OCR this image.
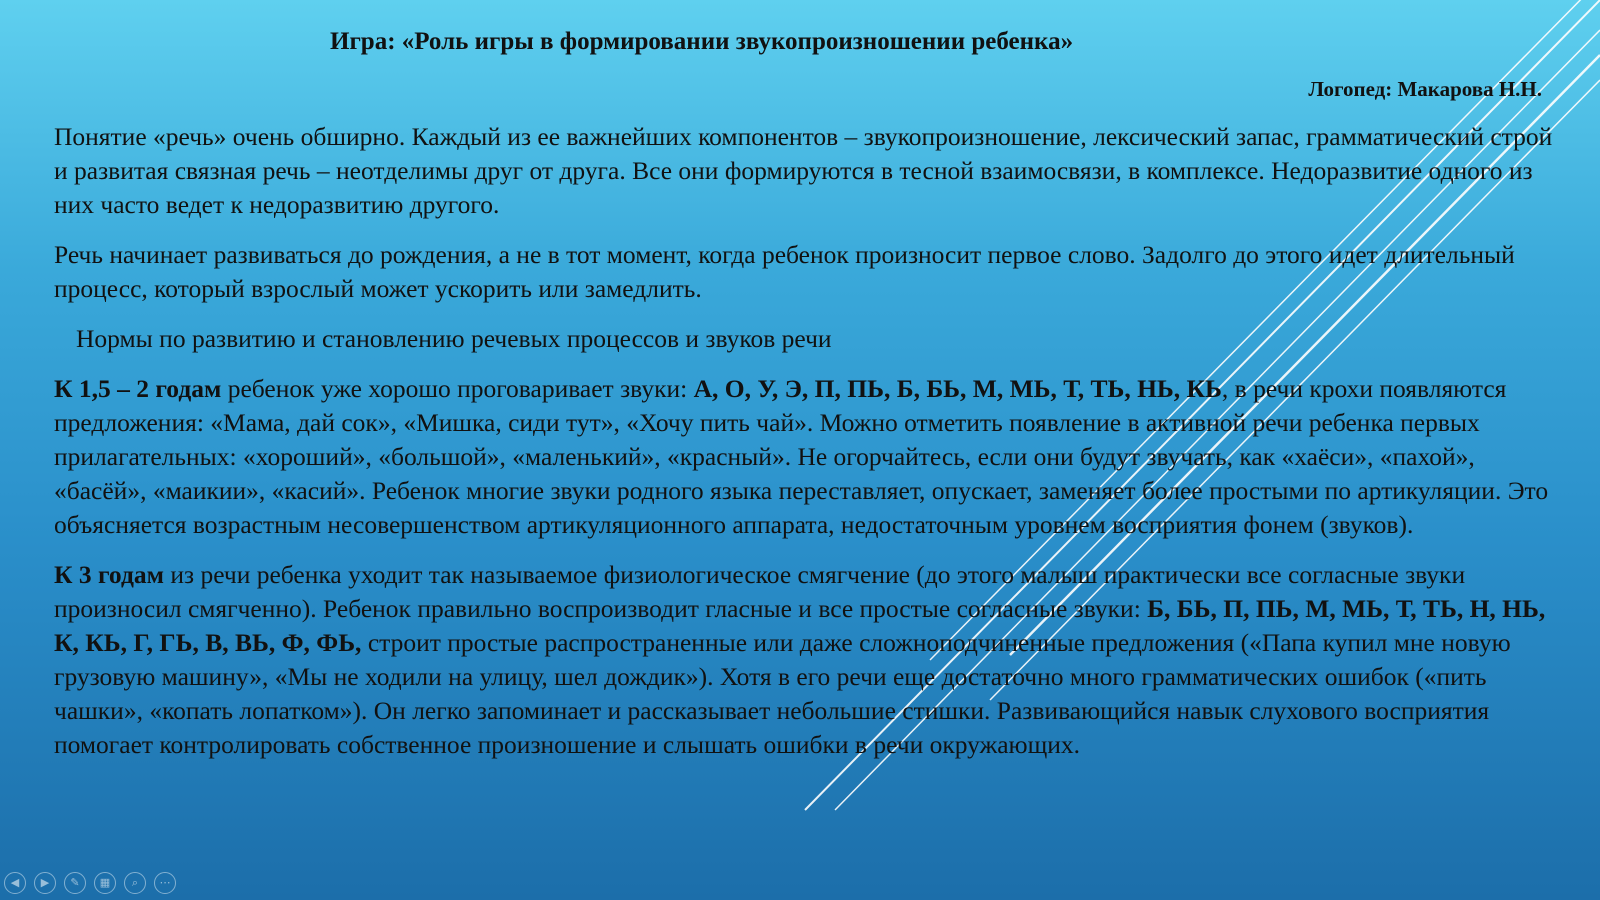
Игра: «Роль игры в формировании звукопроизношении ребенка»

Логопед: Макарова Н.Н.

Понятие «речь» очень обширно. Каждый из ее важнейших компонентов – звукопроизношение, лексический запас, грамматический строй и развитая связная речь – неотделимы друг от друга. Все они формируются в тесной взаимосвязи, в комплексе. Недоразвитие одного из них часто ведет к недоразвитию другого.

Речь начинает развиваться до рождения, а не в тот момент, когда ребенок произносит первое слово. Задолго до этого идет длительный процесс, который взрослый может ускорить или замедлить.

Нормы по развитию и становлению речевых процессов и звуков речи

К 1,5 – 2 годам ребенок уже хорошо проговаривает звуки: А, О, У, Э, П, ПЬ, Б, БЬ, М, МЬ, Т, ТЬ, НЬ, КЬ, в речи крохи появляются предложения: «Мама, дай сок», «Мишка, сиди тут», «Хочу пить чай». Можно отметить появление в активной речи ребенка первых прилагательных: «хороший», «большой», «маленький», «красный». Не огорчайтесь, если они будут звучать, как «хаёси», «пахой», «басёй», «маикии», «касий». Ребенок многие звуки родного языка переставляет, опускает, заменяет более простыми по артикуляции. Это объясняется возрастным несовершенством артикуляционного аппарата, недостаточным уровнем восприятия фонем (звуков).

К 3 годам из речи ребенка уходит так называемое физиологическое смягчение (до этого малыш практически все согласные звуки произносил смягченно). Ребенок правильно воспроизводит гласные и все простые согласные звуки: Б, БЬ, П, ПЬ, М, МЬ, Т, ТЬ, Н, НЬ, К, КЬ, Г, ГЬ, В, ВЬ, Ф, ФЬ, строит простые распространенные или даже сложноподчиненные предложения («Папа купил мне новую грузовую машину», «Мы не ходили на улицу, шел дождик»). Хотя в его речи еще достаточно много грамматических ошибок («пить чашки», «копать лопатком»). Он легко запоминает и рассказывает небольшие стишки. Развивающийся навык слухового восприятия помогает контролировать собственное произношение и слышать ошибки в речи окружающих.

◀	▶	✎	▦	⌕	⋯
